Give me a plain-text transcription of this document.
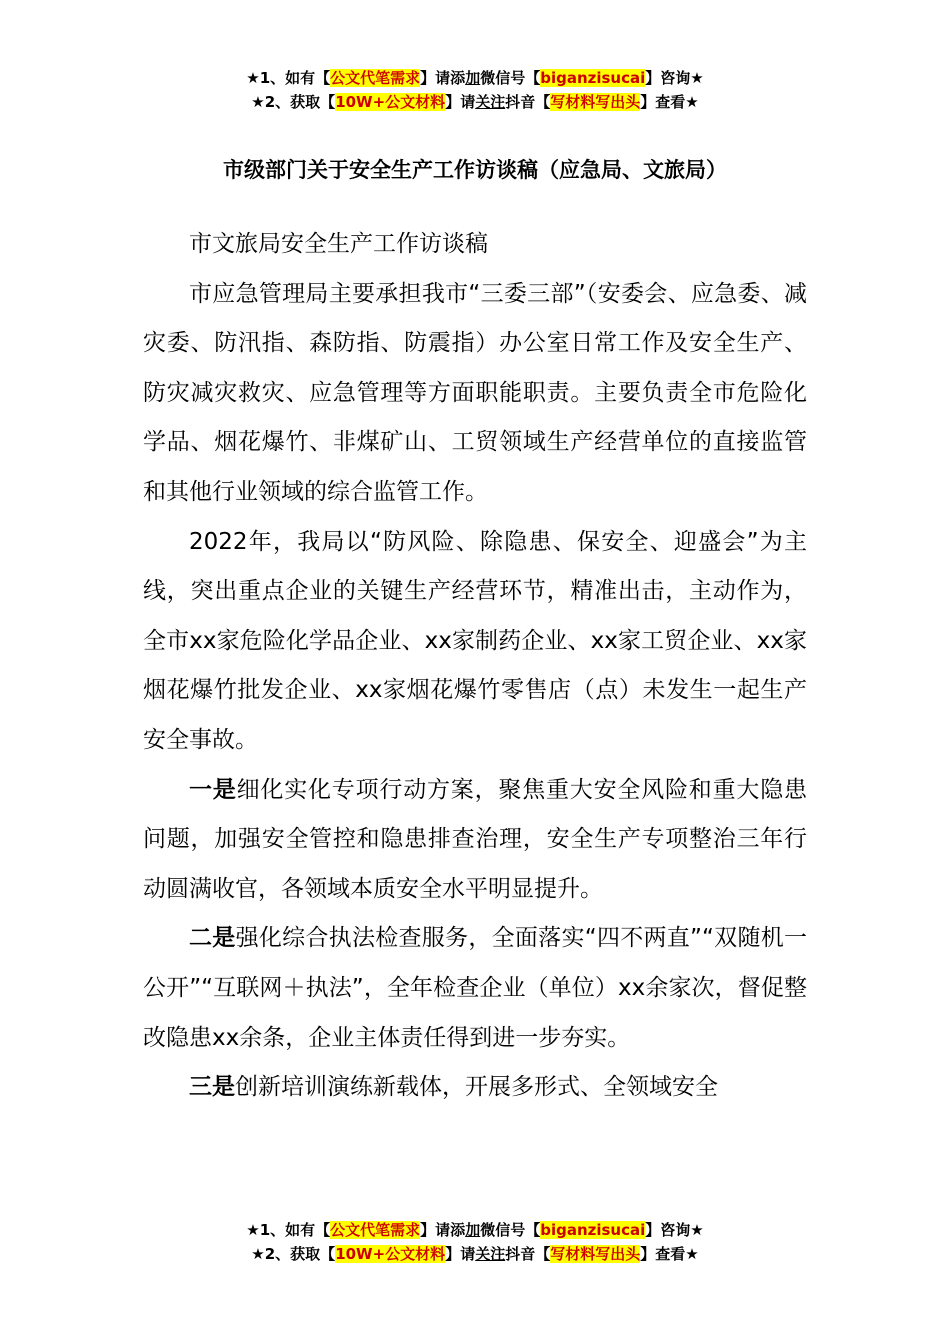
★1、如有【公文代笔需求】请添加微信号【biganzisucai】咨询★
★2、获取【10W+公文材料】请关注抖音【写材料写出头】查看★
市级部门关于安全生产工作访谈稿（应急局、文旅局）

市文旅局安全生产工作访谈稿

市应急管理局主要承担我市“三委三部”（安委会、应急委、减灾委、防汛指、森防指、防震指）办公室日常工作及安全生产、防灾减灾救灾、应急管理等方面职能职责。主要负责全市危险化学品、烟花爆竹、非煤矿山、工贸领域生产经营单位的直接监管和其他行业领域的综合监管工作。

2022年，我局以“防风险、除隐患、保安全、迎盛会”为主线，突出重点企业的关键生产经营环节，精准出击，主动作为，全市xx家危险化学品企业、xx家制药企业、xx家工贸企业、xx家烟花爆竹批发企业、xx家烟花爆竹零售店（点）未发生一起生产安全事故。

一是细化实化专项行动方案，聚焦重大安全风险和重大隐患问题，加强安全管控和隐患排查治理，安全生产专项整治三年行动圆满收官，各领域本质安全水平明显提升。

二是强化综合执法检查服务，全面落实“四不两直”“双随机一公开”“互联网＋执法”，全年检查企业（单位）xx余家次，督促整改隐患xx余条，企业主体责任得到进一步夯实。

三是创新培训演练新载体，开展多形式、全领域安全

★1、如有【公文代笔需求】请添加微信号【biganzisucai】咨询★
★2、获取【10W+公文材料】请关注抖音【写材料写出头】查看★
